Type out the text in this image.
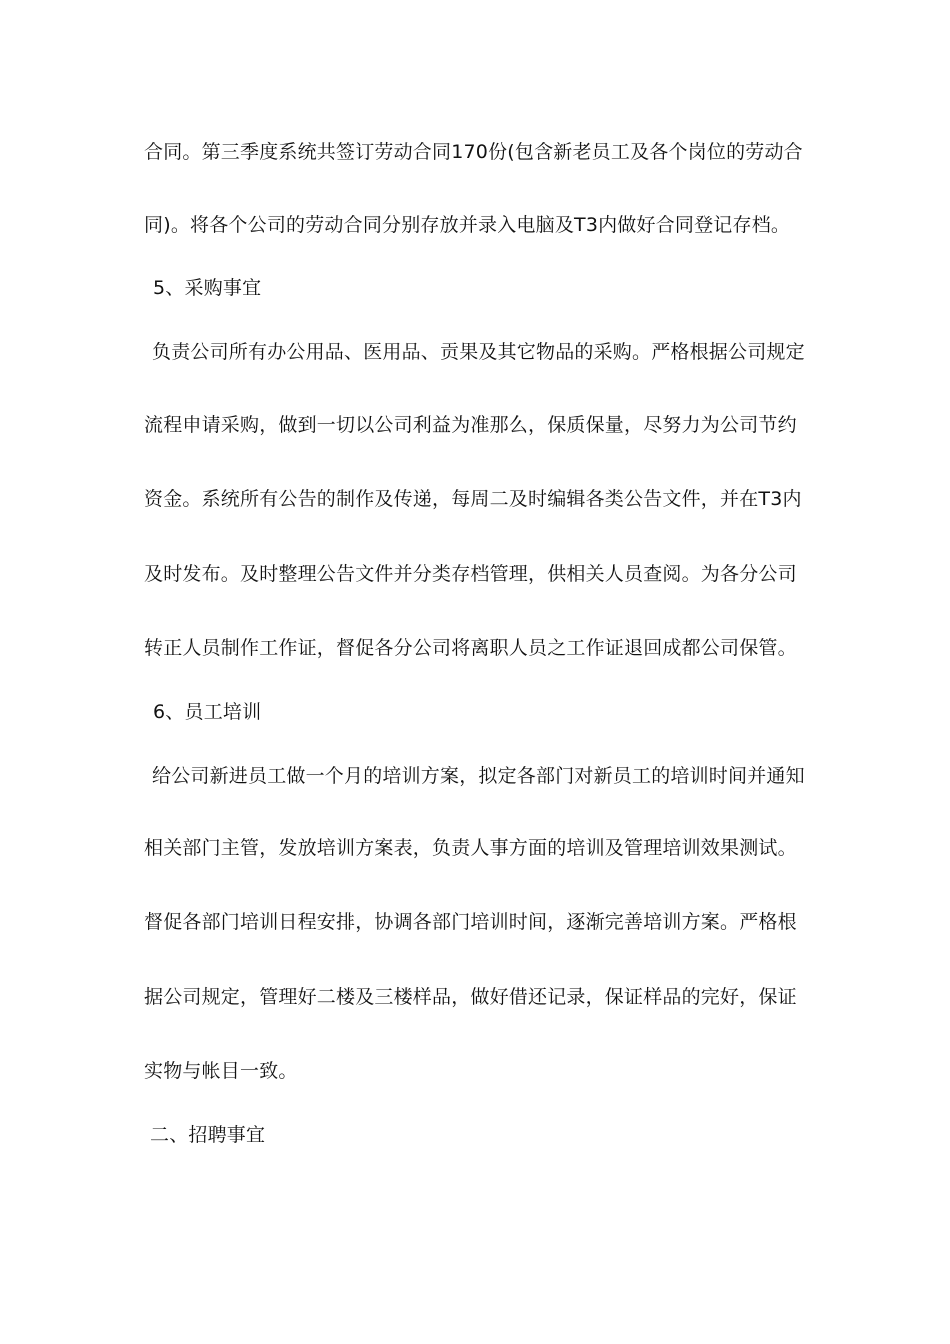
合同。第三季度系统共签订劳动合同170份(包含新老员工及各个岗位的劳动合
同)。将各个公司的劳动合同分别存放并录入电脑及T3内做好合同登记存档。
5、采购事宜
负责公司所有办公用品、医用品、贡果及其它物品的采购。严格根据公司规定
流程申请采购，做到一切以公司利益为准那么，保质保量，尽努力为公司节约
资金。系统所有公告的制作及传递，每周二及时编辑各类公告文件，并在T3内
及时发布。及时整理公告文件并分类存档管理，供相关人员查阅。为各分公司
转正人员制作工作证，督促各分公司将离职人员之工作证退回成都公司保管。
6、员工培训
给公司新进员工做一个月的培训方案，拟定各部门对新员工的培训时间并通知
相关部门主管，发放培训方案表，负责人事方面的培训及管理培训效果测试。
督促各部门培训日程安排，协调各部门培训时间，逐渐完善培训方案。严格根
据公司规定，管理好二楼及三楼样品，做好借还记录，保证样品的完好，保证
实物与帐目一致。
二、招聘事宜
